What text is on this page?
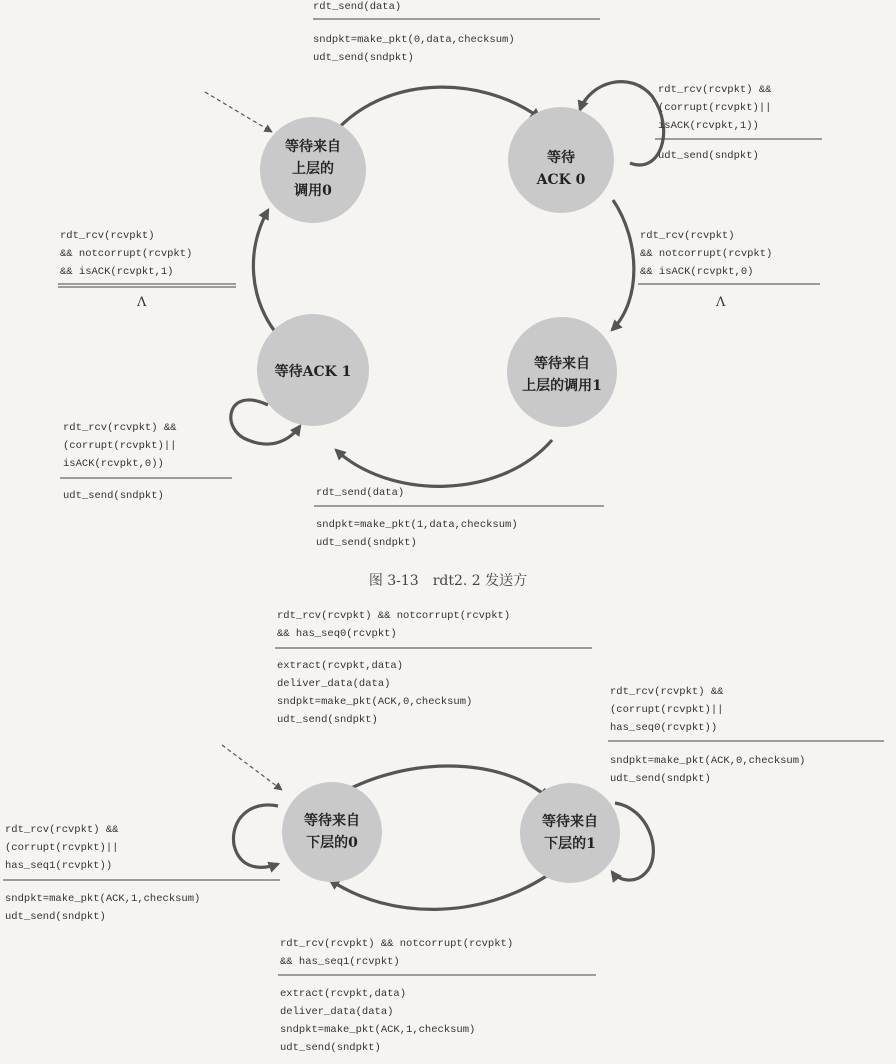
等待来自
上层的
调用0
等待
ACK 0
等待ACK 1	等待来自
上层的调用1
rdt_send(data)
sndpkt=make_pkt(0,data,checksum)
udt_send(sndpkt)
rdt_rcv(rcvpkt) &&
(corrupt(rcvpkt)||
isACK(rcvpkt,1))
udt_send(sndpkt)
rdt_rcv(rcvpkt)
&& notcorrupt(rcvpkt)
&& isACK(rcvpkt,0)
Λ
rdt_rcv(rcvpkt)
&& notcorrupt(rcvpkt)
&& isACK(rcvpkt,1)
Λ
rdt_rcv(rcvpkt) &&
(corrupt(rcvpkt)||
isACK(rcvpkt,0))
udt_send(sndpkt)	rdt_send(data)
sndpkt=make_pkt(1,data,checksum)
udt_send(sndpkt)
图 3-13　rdt2. 2 发送方
等待来自
下层的0
等待来自
下层的1
rdt_rcv(rcvpkt) && notcorrupt(rcvpkt)
&& has_seq0(rcvpkt)
extract(rcvpkt,data)
deliver_data(data)
sndpkt=make_pkt(ACK,0,checksum)
udt_send(sndpkt)
rdt_rcv(rcvpkt) &&
(corrupt(rcvpkt)||
has_seq0(rcvpkt))
sndpkt=make_pkt(ACK,0,checksum)
udt_send(sndpkt)
rdt_rcv(rcvpkt) &&
(corrupt(rcvpkt)||
has_seq1(rcvpkt))
sndpkt=make_pkt(ACK,1,checksum)
udt_send(sndpkt)
rdt_rcv(rcvpkt) && notcorrupt(rcvpkt)
&& has_seq1(rcvpkt)
extract(rcvpkt,data)
deliver_data(data)
sndpkt=make_pkt(ACK,1,checksum)
udt_send(sndpkt)
